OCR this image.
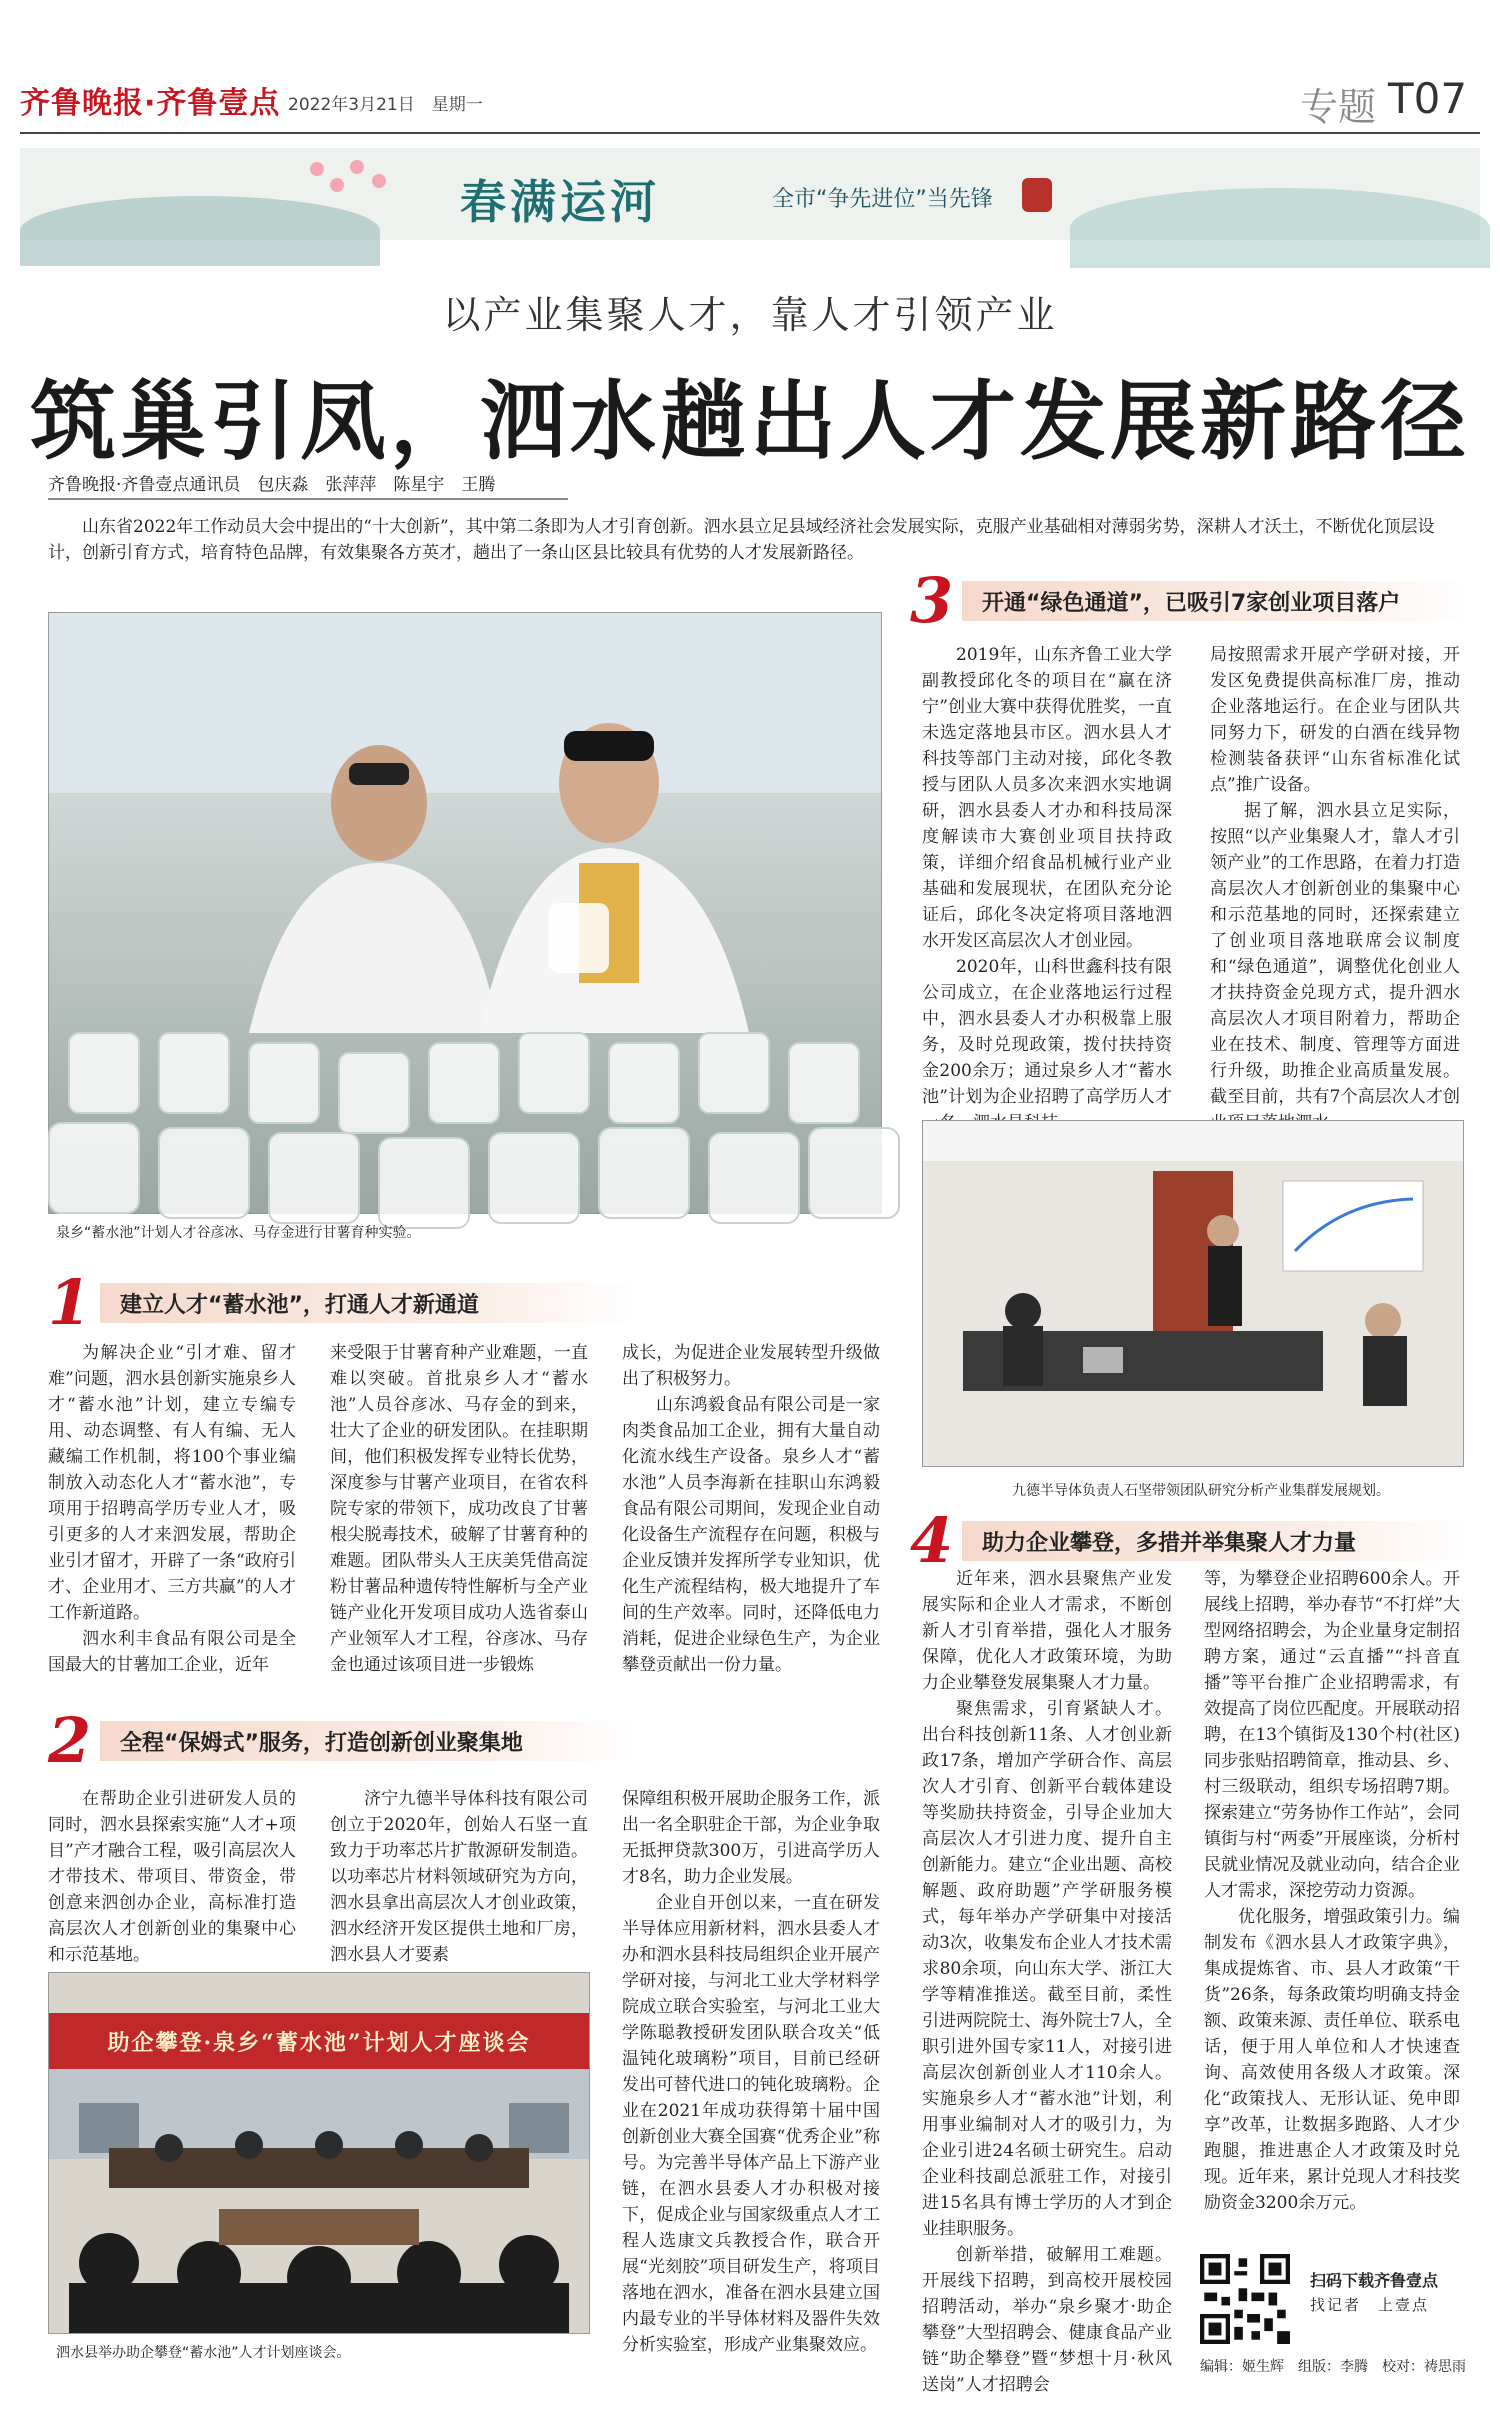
齐鲁晚报·齐鲁壹点 2022年3月21日　 星期一	专题 T07
春满运河	全市“争先进位”当先锋
以产业集聚人才，靠人才引领产业
筑巢引凤，泗水趟出人才发展新路径
齐鲁晚报·齐鲁壹点通讯员　包庆淼　张萍萍　陈星宇　王腾
山东省2022年工作动员大会中提出的“十大创新”，其中第二条即为人才引育创新。泗水县立足县域经济社会发展实际，克服产业基础相对薄弱劣势，深耕人才沃土，不断优化顶层设计，创新引育方式，培育特色品牌，有效集聚各方英才，趟出了一条山区县比较具有优势的人才发展新路径。
泉乡“蓄水池”计划人才谷彦冰、马存金进行甘薯育种实验。
1	建立人才“蓄水池”，打通人才新通道

为解决企业“引才难、留才难”问题，泗水县创新实施泉乡人才“蓄水池”计划，建立专编专用、动态调整、有人有编、无人藏编工作机制，将100个事业编制放入动态化人才“蓄水池”，专项用于招聘高学历专业人才，吸引更多的人才来泗发展，帮助企业引才留才，开辟了一条“政府引才、企业用才、三方共赢”的人才工作新道路。

泗水利丰食品有限公司是全国最大的甘薯加工企业，近年

来受限于甘薯育种产业难题，一直难以突破。首批泉乡人才“蓄水池”人员谷彦冰、马存金的到来，壮大了企业的研发团队。在挂职期间，他们积极发挥专业特长优势，深度参与甘薯产业项目，在省农科院专家的带领下，成功改良了甘薯根尖脱毒技术，破解了甘薯育种的难题。团队带头人王庆美凭借高淀粉甘薯品种遗传特性解析与全产业链产业化开发项目成功人选省泰山产业领军人才工程，谷彦冰、马存金也通过该项目进一步锻炼

成长，为促进企业发展转型升级做出了积极努力。

山东鸿毅食品有限公司是一家肉类食品加工企业，拥有大量自动化流水线生产设备。泉乡人才“蓄水池”人员李海新在挂职山东鸿毅食品有限公司期间，发现企业自动化设备生产流程存在问题，积极与企业反馈并发挥所学专业知识，优化生产流程结构，极大地提升了车间的生产效率。同时，还降低电力消耗，促进企业绿色生产，为企业攀登贡献出一份力量。

2	全程“保姆式”服务，打造创新创业聚集地

在帮助企业引进研发人员的同时，泗水县探索实施“人才+项目”产才融合工程，吸引高层次人才带技术、带项目、带资金，带创意来泗创办企业，高标准打造高层次人才创新创业的集聚中心和示范基地。

济宁九德半导体科技有限公司创立于2020年，创始人石坚一直致力于功率芯片扩散源研发制造。以功率芯片材料领域研究为方向，泗水县拿出高层次人才创业政策，泗水经济开发区提供土地和厂房，泗水县人才要素

保障组积极开展助企服务工作，派出一名全职驻企干部，为企业争取无抵押贷款300万，引进高学历人才8名，助力企业发展。

企业自开创以来，一直在研发半导体应用新材料，泗水县委人才办和泗水县科技局组织企业开展产学研对接，与河北工业大学材料学院成立联合实验室，与河北工业大学陈聪教授研发团队联合攻关“低温钝化玻璃粉”项目，目前已经研发出可替代进口的钝化玻璃粉。企业在2021年成功获得第十届中国创新创业大赛全国赛“优秀企业”称号。为完善半导体产品上下游产业链，在泗水县委人才办积极对接下，促成企业与国家级重点人才工程人选康文兵教授合作，联合开展“光刻胶”项目研发生产，将项目落地在泗水，准备在泗水县建立国内最专业的半导体材料及器件失效分析实验室，形成产业集聚效应。

助企攀登·泉乡“蓄水池”计划人才座谈会
泗水县举办助企攀登“蓄水池”人才计划座谈会。
3	开通“绿色通道”，已吸引7家创业项目落户

2019年，山东齐鲁工业大学副教授邱化冬的项目在“赢在济宁”创业大赛中获得优胜奖，一直未选定落地县市区。泗水县人才科技等部门主动对接，邱化冬教授与团队人员多次来泗水实地调研，泗水县委人才办和科技局深度解读市大赛创业项目扶持政策，详细介绍食品机械行业产业基础和发展现状，在团队充分论证后，邱化冬决定将项目落地泗水开发区高层次人才创业园。

2020年，山科世鑫科技有限公司成立，在企业落地运行过程中，泗水县委人才办积极靠上服务，及时兑现政策，拨付扶持资金200余万；通过泉乡人才“蓄水池”计划为企业招聘了高学历人才

局按照需求开展产学研对接，开发区免费提供高标准厂房，推动企业落地运行。在企业与团队共同努力下，研发的白酒在线异物检测装备获评“山东省标准化试点”推广设备。

据了解，泗水县立足实际，按照“以产业集聚人才，靠人才引领产业”的工作思路，在着力打造高层次人才创新创业的集聚中心和示范基地的同时，还探索建立了创业项目落地联席会议制度和“绿色通道”，调整优化创业人才扶持资金兑现方式，提升泗水高层次人才项目附着力，帮助企业在技术、制度、管理等方面进行升级，助推企业高质量发展。截至目前，共有7个高层次人才创

九德半导体负责人石坚带领团队研究分析产业集群发展规划。
4	助力企业攀登，多措并举集聚人才力量

近年来，泗水县聚焦产业发展实际和企业人才需求，不断创新人才引育举措，强化人才服务保障，优化人才政策环境，为助力企业攀登发展集聚人才力量。

聚焦需求，引育紧缺人才。出台科技创新11条、人才创业新政17条，增加产学研合作、高层次人才引育、创新平台载体建设等奖励扶持资金，引导企业加大高层次人才引进力度、提升自主创新能力。建立“企业出题、高校解题、政府助题”产学研服务模式，每年举办产学研集中对接活动3次，收集发布企业人才技术需求80余项，向山东大学、浙江大学等精准推送。截至目前，柔性引进两院院士、海外院士7人，全职引进外国专家11人，对接引进高层次创新创业人才110余人。实施泉乡人才“蓄水池”计划，利用事业编制对人才的吸引力，为企业引进24名硕士研究生。启动企业科技副总派驻工作，对接引进15名具有博士学历的人才到企业挂职服务。

创新举措，破解用工难题。开展线下招聘，到高校开展校园招聘活动，举办“泉乡聚才·助企攀登”大型招聘会、健康食品产业链“助企攀登”暨“梦想十月·秋风送岗”人才招聘会

等，为攀登企业招聘600余人。开展线上招聘，举办春节“不打烊”大型网络招聘会，为企业量身定制招聘方案，通过“云直播”“抖音直播”等平台推广企业招聘需求，有效提高了岗位匹配度。开展联动招聘，在13个镇街及130个村(社区)同步张贴招聘简章，推动县、乡、村三级联动，组织专场招聘7期。探索建立“劳务协作工作站”，会同镇街与村“两委”开展座谈，分析村民就业情况及就业动向，结合企业人才需求，深挖劳动力资源。

优化服务，增强政策引力。编制发布《泗水县人才政策字典》，集成提炼省、市、县人才政策“干货”26条，每条政策均明确支持金额、政策来源、责任单位、联系电话，便于用人单位和人才快速查询、高效使用各级人才政策。深化“政策找人、无形认证、免申即享”改革，让数据多跑路、人才少跑腿，推进惠企人才政策及时兑现。近年来，累计兑现人才科技奖励资金3200余万元。

扫码下载齐鲁壹点
找记者　上壹点
编辑：姬生辉　组版：李腾　校对：祷思雨
